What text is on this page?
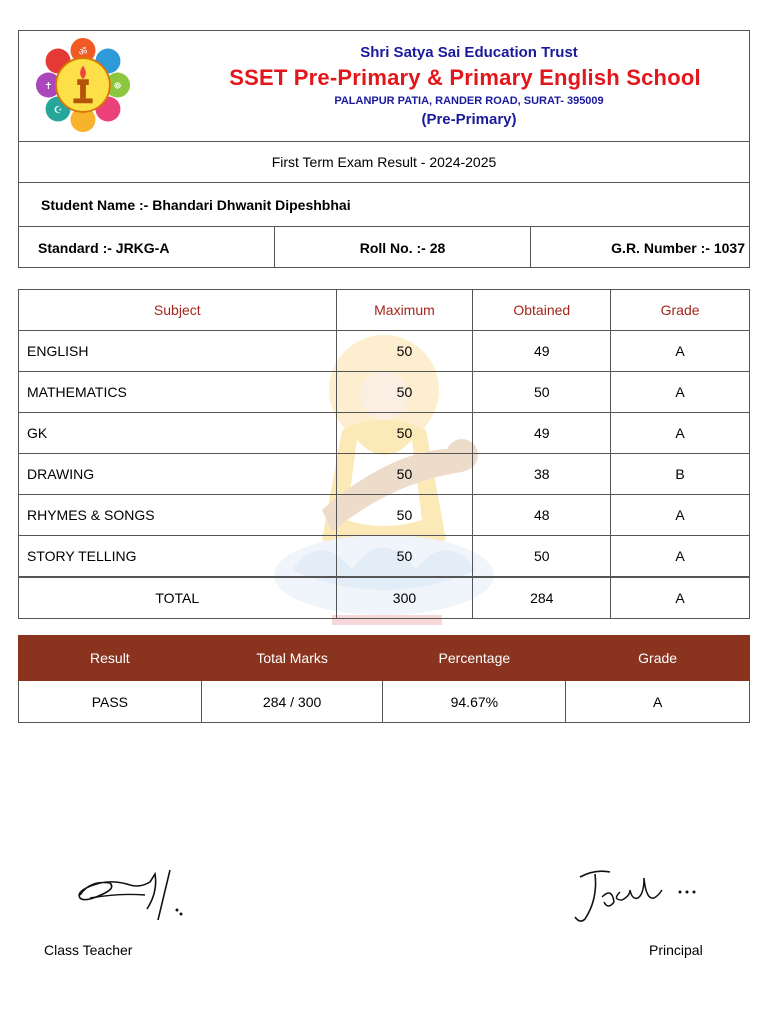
ॐ
✝	☸
☪
Shri Satya Sai Education Trust
SSET Pre-Primary & Primary English School
PALANPUR PATIA, RANDER ROAD, SURAT- 395009
(Pre-Primary)
First Term Exam Result - 2024-2025
Student Name :- Bhandari Dhwanit Dipeshbhai
Standard :- JRKG-A	Roll No. :- 28	G.R. Number :- 1037
Subject	Maximum	Obtained	Grade
ENGLISH	50	49	A
MATHEMATICS	50	50	A
GK	50	49	A
DRAWING	50	38	B
RHYMES & SONGS	50	48	A
STORY TELLING	50	50	A
TOTAL	300	284	A
Result	Total Marks	Percentage	Grade
PASS	284 / 300	94.67%	A
Class Teacher	Principal
